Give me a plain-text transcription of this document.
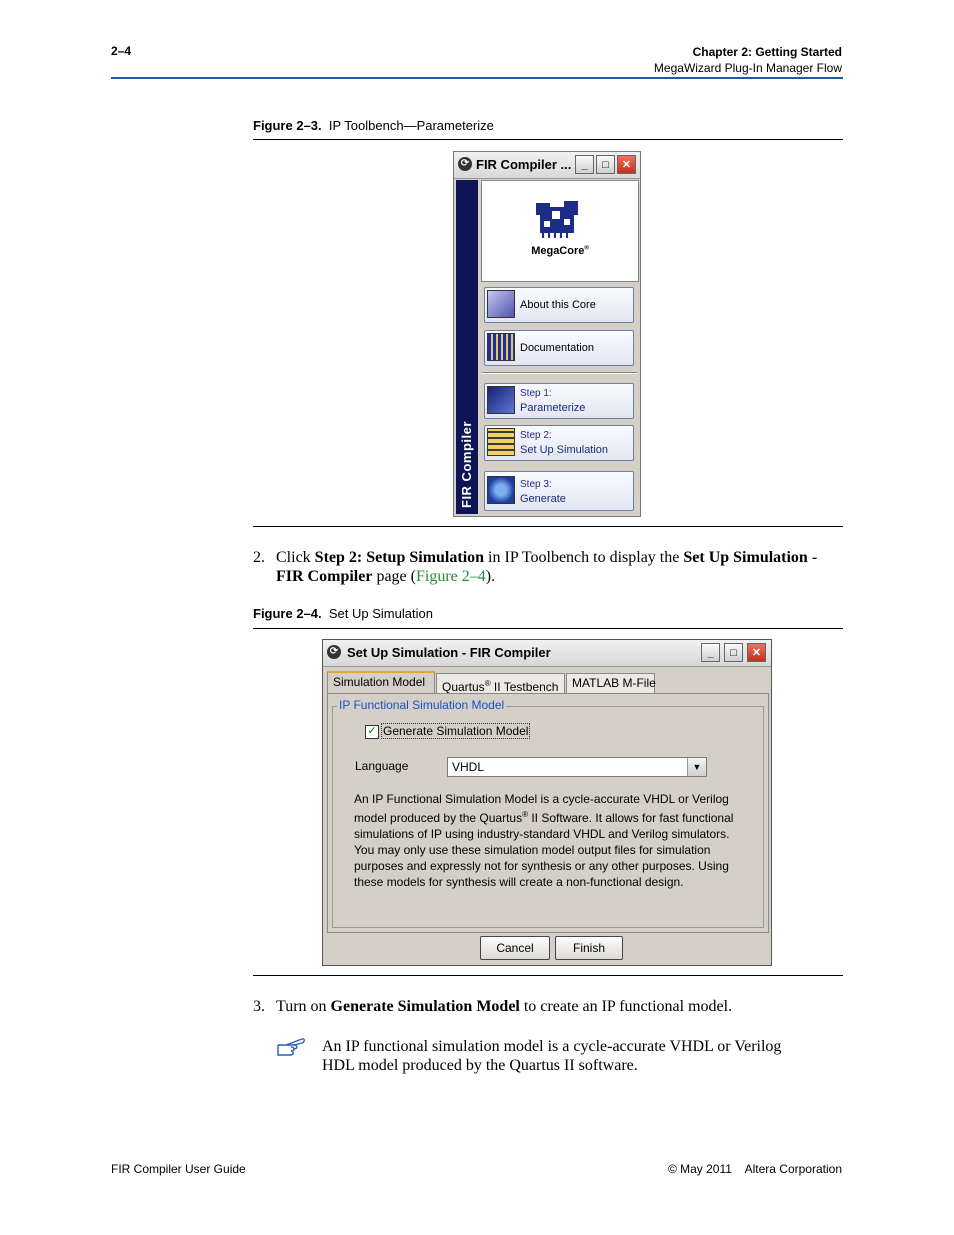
2–4	Chapter 2: Getting Started
MegaWizard Plug-In Manager Flow
Figure 2–3. IP Toolbench—Parameterize
⟳ FIR Compiler ... _	□	✕
FIR Compiler
MegaCore®
About this Core
Documentation
Step 1:
Parameterize
Step 2:
Set Up Simulation
Step 3:
Generate
2. Click Step 2: Setup Simulation in IP Toolbench to display the Set Up Simulation - FIR Compiler page (Figure 2–4).
Figure 2–4. Set Up Simulation
⟳ Set Up Simulation - FIR Compiler	_	□	✕
Simulation Model	Quartus® II Testbench	MATLAB M-File
IP Functional Simulation Model
✓ Generate Simulation Model
Language	VHDL	▼
An IP Functional Simulation Model is a cycle-accurate VHDL or Verilog
model produced by the Quartus® II Software. It allows for fast functional
simulations of IP using industry-standard VHDL and Verilog simulators.
You may only use these simulation model output files for simulation
purposes and expressly not for synthesis or any other purposes. Using
these models for synthesis will create a non-functional design.
Cancel	Finish
3. Turn on Generate Simulation Model to create an IP functional model.
An IP functional simulation model is a cycle-accurate VHDL or Verilog
HDL model produced by the Quartus II software.
FIR Compiler User Guide	© May 2011    Altera Corporation
